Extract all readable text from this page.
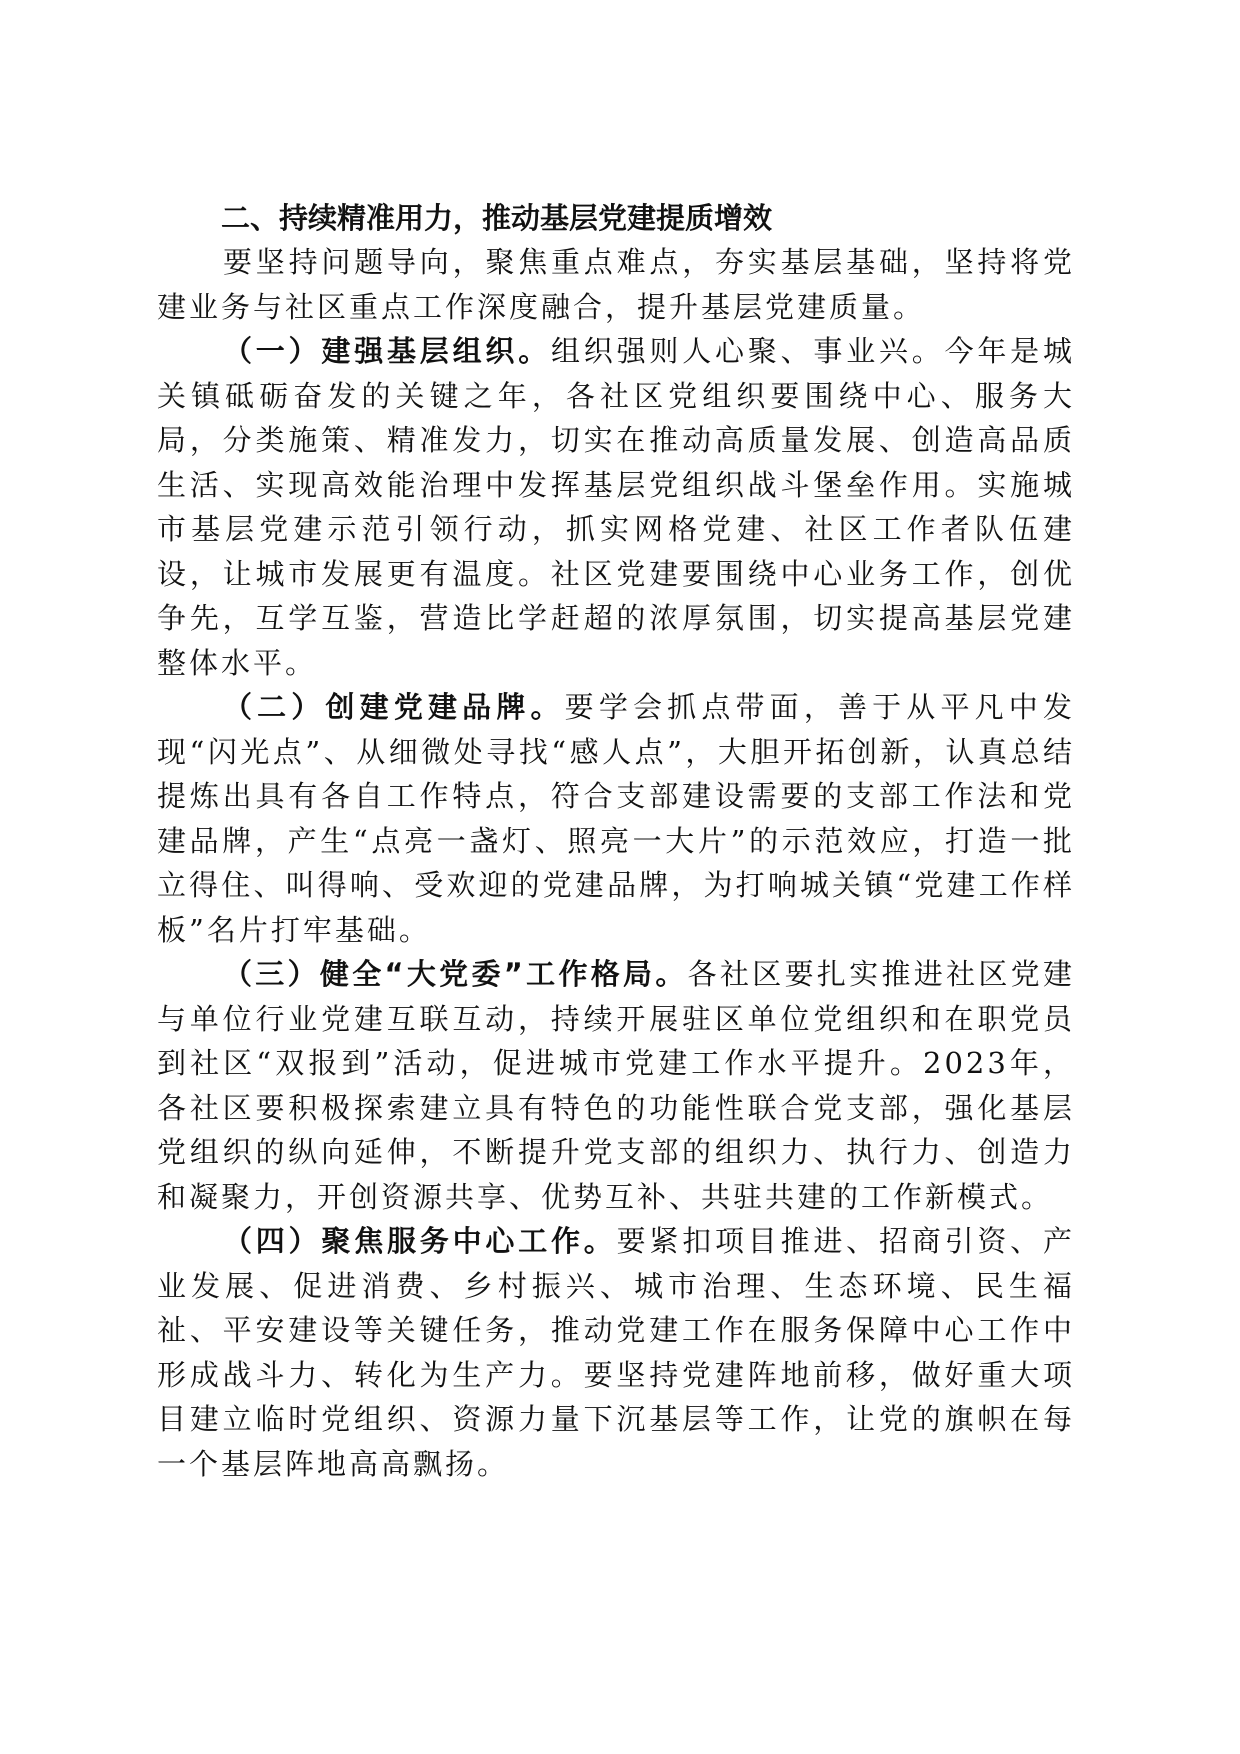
二、持续精准用力，推动基层党建提质增效

要坚持问题导向，聚焦重点难点，夯实基层基础，坚持将党建业务与社区重点工作深度融合，提升基层党建质量。

（一）建强基层组织。组织强则人心聚、事业兴。今年是城关镇砥砺奋发的关键之年，各社区党组织要围绕中心、服务大局，分类施策、精准发力，切实在推动高质量发展、创造高品质生活、实现高效能治理中发挥基层党组织战斗堡垒作用。实施城市基层党建示范引领行动，抓实网格党建、社区工作者队伍建设，让城市发展更有温度。社区党建要围绕中心业务工作，创优争先，互学互鉴，营造比学赶超的浓厚氛围，切实提高基层党建整体水平。

（二）创建党建品牌。要学会抓点带面，善于从平凡中发现“闪光点”、从细微处寻找“感人点”，大胆开拓创新，认真总结提炼出具有各自工作特点，符合支部建设需要的支部工作法和党建品牌，产生“点亮一盏灯、照亮一大片”的示范效应，打造一批立得住、叫得响、受欢迎的党建品牌，为打响城关镇“党建工作样板”名片打牢基础。

（三）健全“大党委”工作格局。各社区要扎实推进社区党建与单位行业党建互联互动，持续开展驻区单位党组织和在职党员到社区“双报到”活动，促进城市党建工作水平提升。2023年，各社区要积极探索建立具有特色的功能性联合党支部，强化基层党组织的纵向延伸，不断提升党支部的组织力、执行力、创造力和凝聚力，开创资源共享、优势互补、共驻共建的工作新模式。

（四）聚焦服务中心工作。要紧扣项目推进、招商引资、产业发展、促进消费、乡村振兴、城市治理、生态环境、民生福祉、平安建设等关键任务，推动党建工作在服务保障中心工作中形成战斗力、转化为生产力。要坚持党建阵地前移，做好重大项目建立临时党组织、资源力量下沉基层等工作，让党的旗帜在每一个基层阵地高高飘扬。
